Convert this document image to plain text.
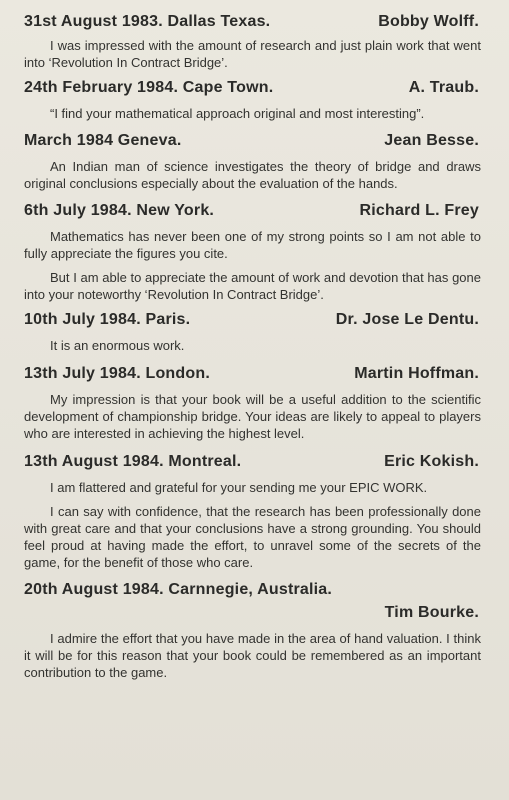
31st August 1983. Dallas Texas.	Bobby Wolff.

I was impressed with the amount of research and just plain work that went into ‘Revolution In Contract Bridge’.

24th February 1984. Cape Town.	A. Traub.

“I find your mathematical approach original and most interesting”.

March 1984 Geneva.	Jean Besse.

An Indian man of science investigates the theory of bridge and draws original conclusions especially about the evaluation of the hands.

6th July 1984. New York.	Richard L. Frey

Mathematics has never been one of my strong points so I am not able to fully appreciate the figures you cite.

But I am able to appreciate the amount of work and devotion that has gone into your noteworthy ‘Revolution In Contract Bridge’.

10th July 1984. Paris.	Dr. Jose Le Dentu.

It is an enormous work.

13th July 1984. London.	Martin Hoffman.

My impression is that your book will be a useful addition to the scientific development of championship bridge. Your ideas are likely to appeal to players who are interested in achieving the highest level.

13th August 1984. Montreal.	Eric Kokish.

I am flattered and grateful for your sending me your EPIC WORK.

I can say with confidence, that the research has been professionally done with great care and that your conclusions have a strong grounding. You should feel proud at having made the effort, to unravel some of the secrets of the game, for the benefit of those who care.

20th August 1984. Carnnegie, Australia.
Tim Bourke.

I admire the effort that you have made in the area of hand valuation. I think it will be for this reason that your book could be remembered as an important contribution to the game.
